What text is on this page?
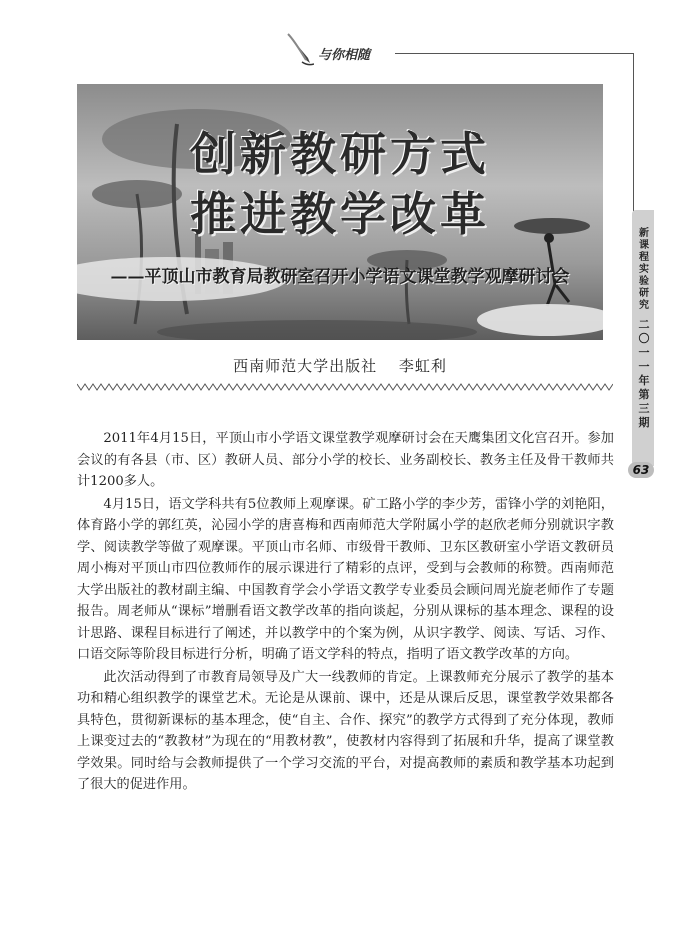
与你相随
创新教研方式
推进教学改革
——平顶山市教育局教研室召开小学语文课堂教学观摩研讨会
西南师范大学出版社 李虹利
新课程实验研究
二〇一一年第三期
63

2011年4月15日，平顶山市小学语文课堂教学观摩研讨会在天鹰集团文化宫召开。参加会议的有各县（市、区）教研人员、部分小学的校长、业务副校长、教务主任及骨干教师共计1200多人。

4月15日，语文学科共有5位教师上观摩课。矿工路小学的李少芳，雷锋小学的刘艳阳，体育路小学的郭红英，沁园小学的唐喜梅和西南师范大学附属小学的赵欣老师分别就识字教学、阅读教学等做了观摩课。平顶山市名师、市级骨干教师、卫东区教研室小学语文教研员周小梅对平顶山市四位教师作的展示课进行了精彩的点评，受到与会教师的称赞。西南师范大学出版社的教材副主编、中国教育学会小学语文教学专业委员会顾问周光旋老师作了专题报告。周老师从“课标”增删看语文教学改革的指向谈起，分别从课标的基本理念、课程的设计思路、课程目标进行了阐述，并以教学中的个案为例，从识字教学、阅读、写话、习作、口语交际等阶段目标进行分析，明确了语文学科的特点，指明了语文教学改革的方向。

此次活动得到了市教育局领导及广大一线教师的肯定。上课教师充分展示了教学的基本功和精心组织教学的课堂艺术。无论是从课前、课中，还是从课后反思，课堂教学效果都各具特色，贯彻新课标的基本理念，使“自主、合作、探究”的教学方式得到了充分体现，教师上课变过去的“教教材”为现在的“用教材教”，使教材内容得到了拓展和升华，提高了课堂教学效果。同时给与会教师提供了一个学习交流的平台，对提高教师的素质和教学基本功起到了很大的促进作用。
